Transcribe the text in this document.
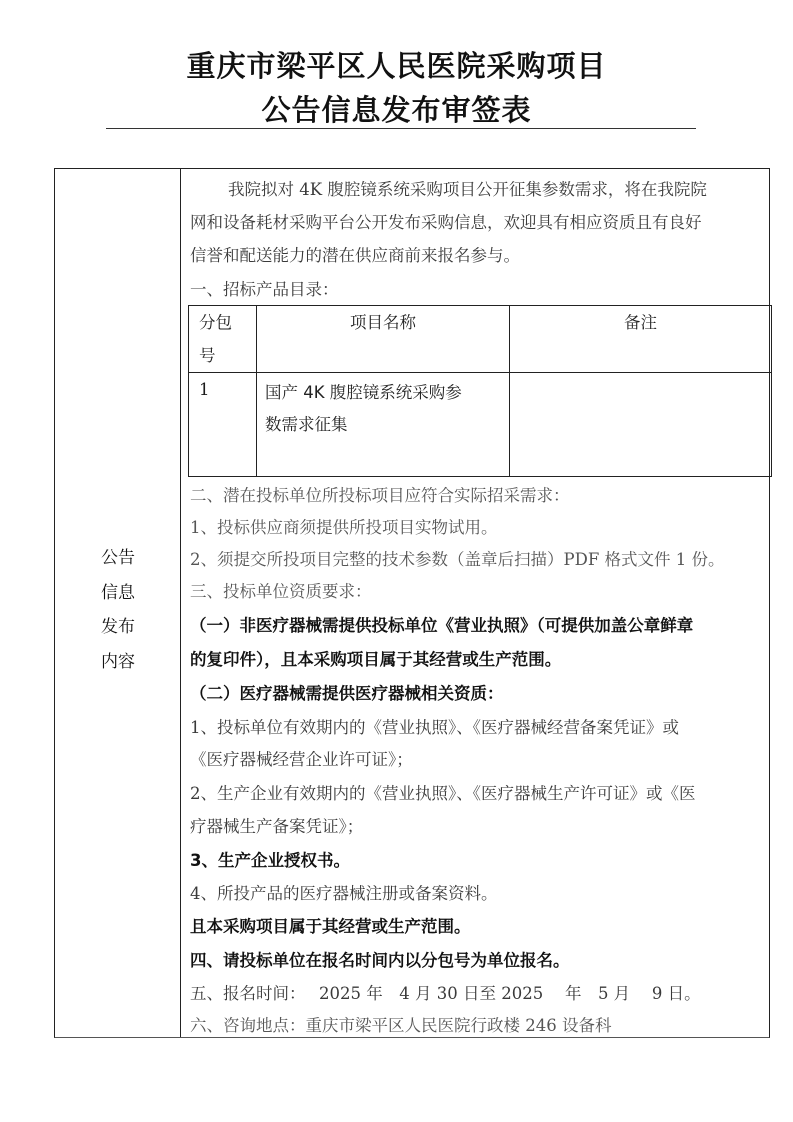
重庆市梁平区人民医院采购项目
公告信息发布审签表
公告
信息
发布
内容
我院拟对 4K 腹腔镜系统采购项目公开征集参数需求，将在我院院
网和设备耗材采购平台公开发布采购信息，欢迎具有相应资质且有良好
信誉和配送能力的潜在供应商前来报名参与。
一、招标产品目录：
分包
号	项目名称	备注
1	国产 4K 腹腔镜系统采购参
数需求征集	

二、潜在投标单位所投标项目应符合实际招采需求：
1、投标供应商须提供所投项目实物试用。
2、须提交所投项目完整的技术参数（盖章后扫描）PDF 格式文件 1 份。
三、投标单位资质要求：
（一）非医疗器械需提供投标单位《营业执照》（可提供加盖公章鲜章
的复印件），且本采购项目属于其经营或生产范围。
（二）医疗器械需提供医疗器械相关资质：
1、投标单位有效期内的《营业执照》、《医疗器械经营备案凭证》或
《医疗器械经营企业许可证》；
2、生产企业有效期内的《营业执照》、《医疗器械生产许可证》或《医
疗器械生产备案凭证》；
3、生产企业授权书。
4、所投产品的医疗器械注册或备案资料。
且本采购项目属于其经营或生产范围。
四、请投标单位在报名时间内以分包号为单位报名。
五、报名时间：　 2025 年　4 月 30 日至 2025　 年　5 月　 9 日。
六、咨询地点：重庆市梁平区人民医院行政楼 246 设备科
